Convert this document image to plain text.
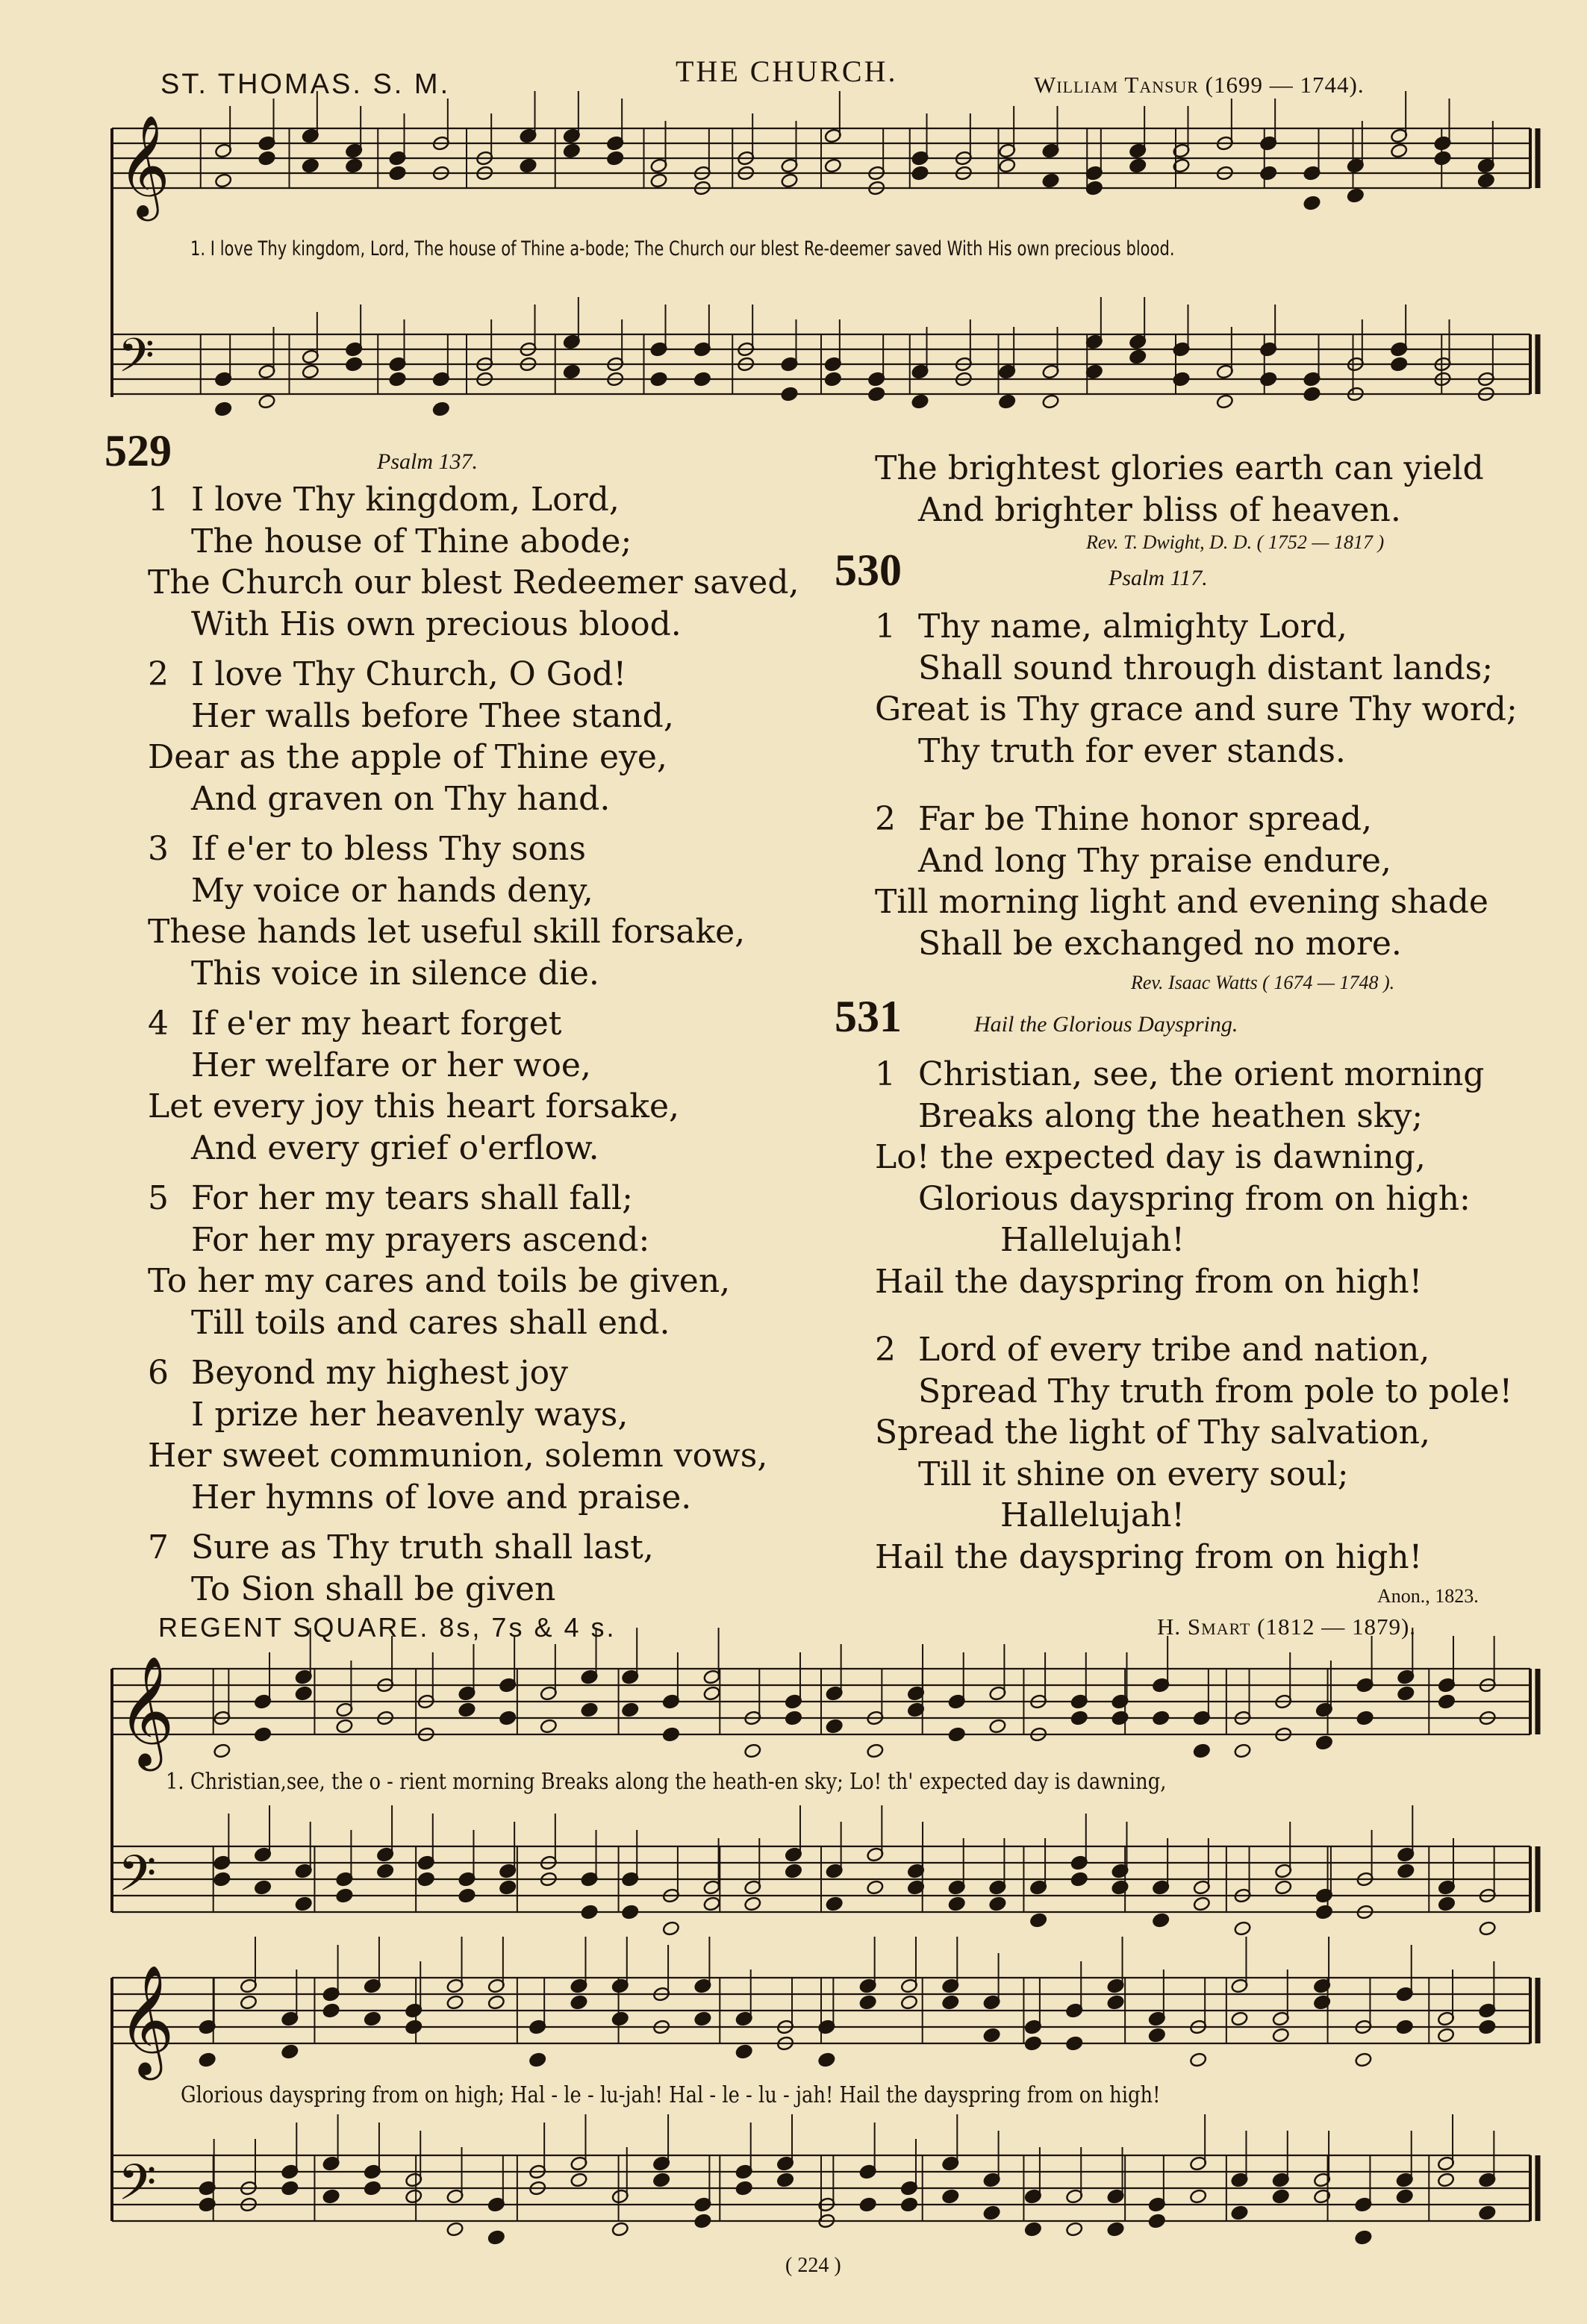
ST. THOMAS. S. M.	THE CHURCH.	William Tansur (1699 — 1744).
𝄞
𝄢
𝄞
𝄢
𝄞
𝄢
1. I love Thy kingdom, Lord, The house of Thine a-bode; The Church our blest Re-deemer saved With His own precious blood.
529	Psalm 137.
1 I love Thy kingdom, Lord,
The house of Thine abode;
The Church our blest Redeemer saved,
With His own precious blood.
2 I love Thy Church, O God!
Her walls before Thee stand,
Dear as the apple of Thine eye,
And graven on Thy hand.
3 If e'er to bless Thy sons
My voice or hands deny,
These hands let useful skill forsake,
This voice in silence die.
4 If e'er my heart forget
Her welfare or her woe,
Let every joy this heart forsake,
And every grief o'erflow.
5 For her my tears shall fall;
For her my prayers ascend:
To her my cares and toils be given,
Till toils and cares shall end.
6 Beyond my highest joy
I prize her heavenly ways,
Her sweet communion, solemn vows,
Her hymns of love and praise.
7 Sure as Thy truth shall last,
To Sion shall be given
The brightest glories earth can yield
And brighter bliss of heaven.
Rev. T. Dwight, D. D. ( 1752 — 1817 )
530	Psalm 117.
1 Thy name, almighty Lord,
Shall sound through distant lands;
Great is Thy grace and sure Thy word;
Thy truth for ever stands.
2 Far be Thine honor spread,
And long Thy praise endure,
Till morning light and evening shade
Shall be exchanged no more.
Rev. Isaac Watts ( 1674 — 1748 ).
531	Hail the Glorious Dayspring.
1 Christian, see, the orient morning
Breaks along the heathen sky;
Lo! the expected day is dawning,
Glorious dayspring from on high:
Hallelujah!
Hail the dayspring from on high!
2 Lord of every tribe and nation,
Spread Thy truth from pole to pole!
Spread the light of Thy salvation,
Till it shine on every soul;
Hallelujah!
Hail the dayspring from on high!
Anon., 1823.
REGENT SQUARE. 8s, 7s & 4 s.	H. Smart (1812 — 1879).
1. Christian,see, the o - rient morning Breaks along the heath-en sky; Lo! th' expected day is dawning,
Glorious dayspring from on high; Hal - le - lu-jah! Hal - le - lu - jah! Hail the dayspring from on high!
( 224 )
